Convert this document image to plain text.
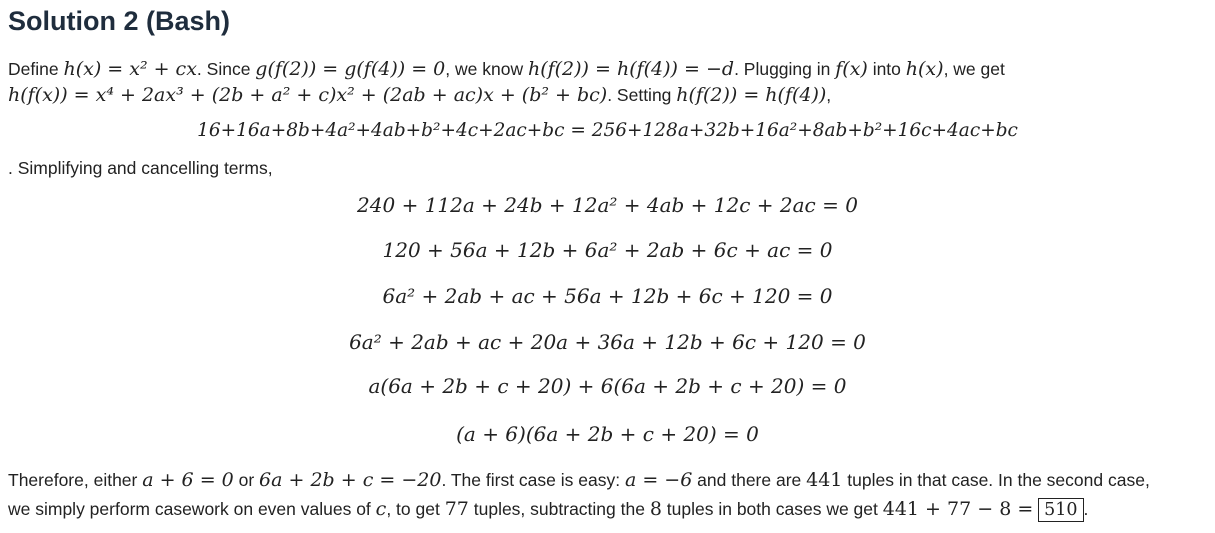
Solution 2 (Bash)
Define h(x) = x² + cx. Since g(f(2)) = g(f(4)) = 0, we know h(f(2)) = h(f(4)) = −d. Plugging in f(x) into h(x), we get
h(f(x)) = x⁴ + 2ax³ + (2b + a² + c)x² + (2ab + ac)x + (b² + bc). Setting h(f(2)) = h(f(4)),
16+16a+8b+4a²+4ab+b²+4c+2ac+bc = 256+128a+32b+16a²+8ab+b²+16c+4ac+bc
. Simplifying and cancelling terms,
240 + 112a + 24b + 12a² + 4ab + 12c + 2ac = 0
120 + 56a + 12b + 6a² + 2ab + 6c + ac = 0
6a² + 2ab + ac + 56a + 12b + 6c + 120 = 0
6a² + 2ab + ac + 20a + 36a + 12b + 6c + 120 = 0
a(6a + 2b + c + 20) + 6(6a + 2b + c + 20) = 0
(a + 6)(6a + 2b + c + 20) = 0
Therefore, either a + 6 = 0 or 6a + 2b + c = −20. The first case is easy: a = −6 and there are 441 tuples in that case. In the second case,
we simply perform casework on even values of c, to get 77 tuples, subtracting the 8 tuples in both cases we get 441 + 77 − 8 = 510 .
